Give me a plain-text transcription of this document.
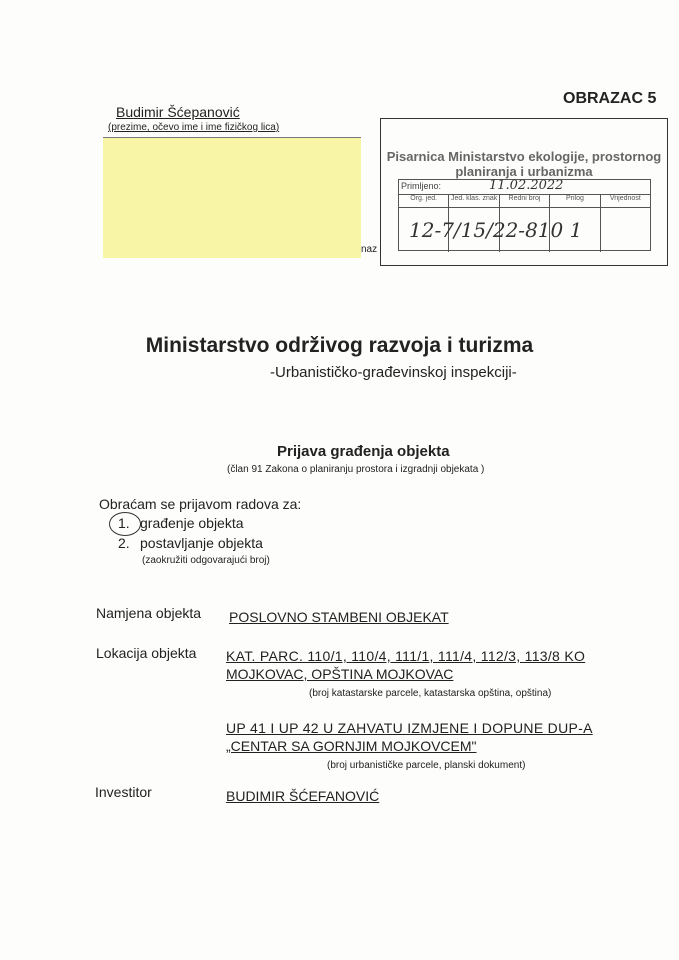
OBRAZAC 5
Budimir Šćepanović
(prezime, očevo ime i ime fizičkog lica)
naz
Pisarnica Ministarstvo ekologije, prostornog
planiranja i urbanizma
Primljeno:	11.02.2022
Org. jed.	Jed. klas. znak	Redni broj	Prilog	Vrijednost
12-7/15/22-810 1
Ministarstvo održivog razvoja i turizma
-Urbanističko-građevinskoj inspekciji-
Prijava građenja objekta
(član 91 Zakona o planiranju prostora i izgradnji objekata )
Obraćam se prijavom radova za:
1. građenje objekta
2. postavljanje objekta
(zaokružiti odgovarajući broj)
Namjena objekta POSLOVNO STAMBENI OBJEKAT
Lokacija objekta KAT. PARC. 110/1, 110/4, 111/1, 111/4, 112/3, 113/8 KO
MOJKOVAC, OPŠTINA MOJKOVAC
(broj katastarske parcele, katastarska opština, opština)
UP 41 I UP 42 U ZAHVATU IZMJENE I DOPUNE DUP-A
„CENTAR SA GORNJIM MOJKOVCEM"
(broj urbanističke parcele, planski dokument)
Investitor	BUDIMIR ŠĆEFANOVIĆ
